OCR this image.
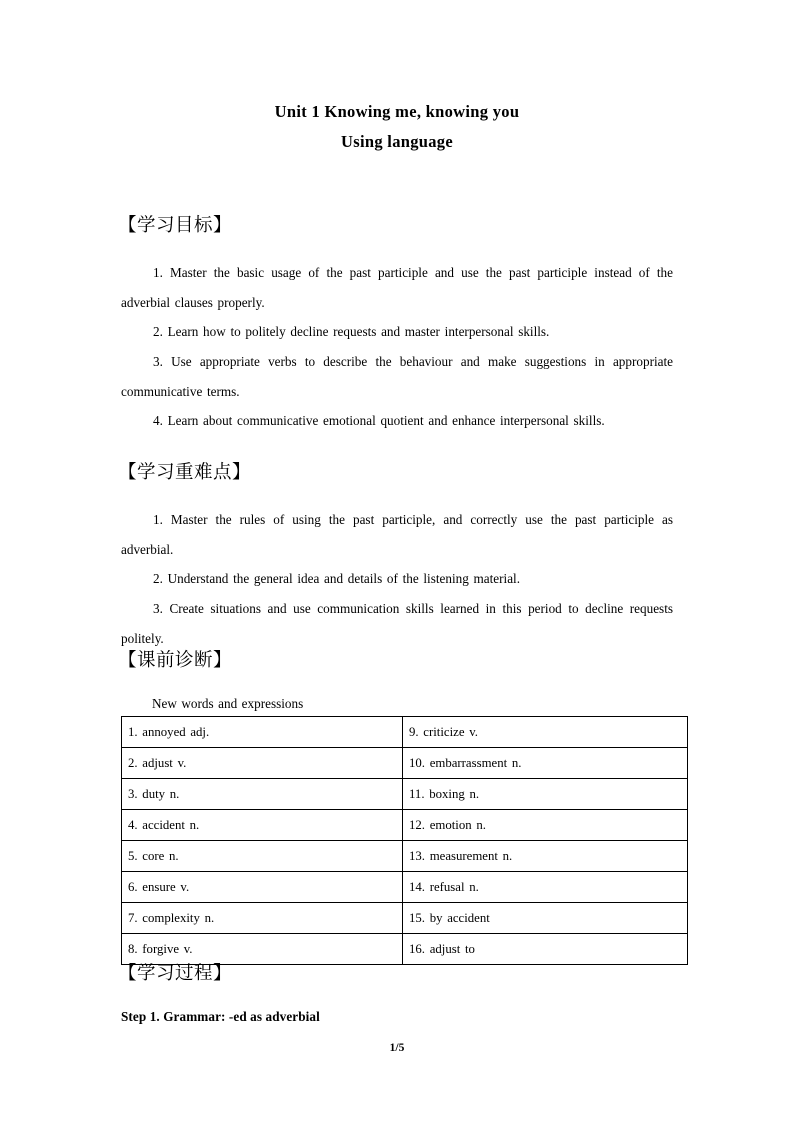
Unit 1 Knowing me, knowing you
Using language
【学习目标】
1. Master the basic usage of the past participle and use the past participle instead of the adverbial clauses properly.
2. Learn how to politely decline requests and master interpersonal skills.
3. Use appropriate verbs to describe the behaviour and make suggestions in appropriate communicative terms.
4. Learn about communicative emotional quotient and enhance interpersonal skills.
【学习重难点】
1. Master the rules of using the past participle, and correctly use the past participle as adverbial.
2. Understand the general idea and details of the listening material.
3. Create situations and use communication skills learned in this period to decline requests politely.
【课前诊断】
New words and expressions
1. annoyed adj.	9. criticize v.
2. adjust v.	10. embarrassment n.
3. duty n.	11. boxing n.
4. accident n.	12. emotion n.
5. core n.	13. measurement n.
6. ensure v.	14. refusal n.
7. complexity n.	15. by accident
8. forgive v.	16. adjust to
【学习过程】
Step 1. Grammar: -ed as adverbial
1/5
